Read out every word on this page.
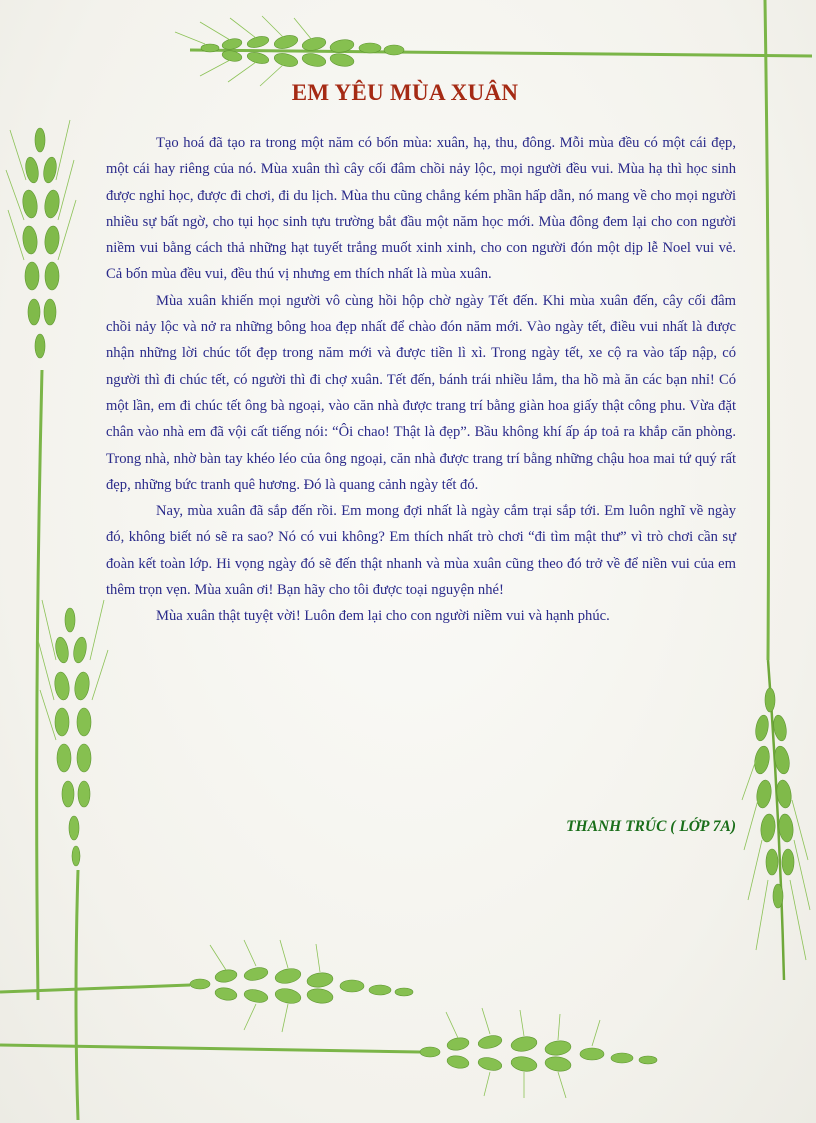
EM YÊU MÙA XUÂN

Tạo hoá đã tạo ra trong một năm có bốn mùa: xuân, hạ, thu, đông. Mỗi mùa đều có một cái đẹp, một cái hay riêng của nó. Mùa xuân thì cây cối đâm chồi nảy lộc, mọi người đều vui. Mùa hạ thì học sinh được nghỉ học, được đi chơi, đi du lịch. Mùa thu cũng chẳng kém phần hấp dẫn, nó mang về cho mọi người nhiều sự bất ngờ, cho tụi học sinh tựu trường bắt đầu một năm học mới. Mùa đông đem lại cho con người niềm vui bằng cách thả những hạt tuyết trắng muốt xinh xinh, cho con người đón một dịp lễ Noel vui vẻ. Cả bốn mùa đều vui, đều thú vị nhưng em thích nhất là mùa xuân.

Mùa xuân khiến mọi người vô cùng hồi hộp chờ ngày Tết đến. Khi mùa xuân đến, cây cối đâm chồi nảy lộc và nở ra những bông hoa đẹp nhất để chào đón năm mới. Vào ngày tết, điều vui nhất là được nhận những lời chúc tốt đẹp trong năm mới và được tiền lì xì. Trong ngày tết, xe cộ ra vào tấp nập, có người thì đi chúc tết, có người thì đi chợ xuân. Tết đến, bánh trái nhiều lắm, tha hồ mà ăn các bạn nhỉ! Có một lần, em đi chúc tết ông bà ngoại, vào căn nhà được trang trí bằng giàn hoa giấy thật công phu. Vừa đặt chân vào nhà em đã vội cất tiếng nói: “Ôi chao! Thật là đẹp”. Bầu không khí ấp áp toả ra khắp căn phòng. Trong nhà, nhờ bàn tay khéo léo của ông ngoại, căn nhà được trang trí bằng những chậu hoa mai tứ quý rất đẹp, những bức tranh quê hương. Đó là quang cảnh ngày tết đó.

Nay, mùa xuân đã sắp đến rồi. Em mong đợi nhất là ngày cắm trại sắp tới. Em luôn nghĩ về ngày đó, không biết nó sẽ ra sao? Nó có vui không? Em thích nhất trò chơi “đi tìm mật thư” vì trò chơi cần sự đoàn kết toàn lớp. Hi vọng ngày đó sẽ đến thật nhanh và mùa xuân cũng theo đó trở về để niền vui của em thêm trọn vẹn. Mùa xuân ơi! Bạn hãy cho tôi được toại nguyện nhé!

Mùa xuân thật tuyệt vời! Luôn đem lại cho con người niềm vui và hạnh phúc.

THANH TRÚC ( LỚP 7A)
